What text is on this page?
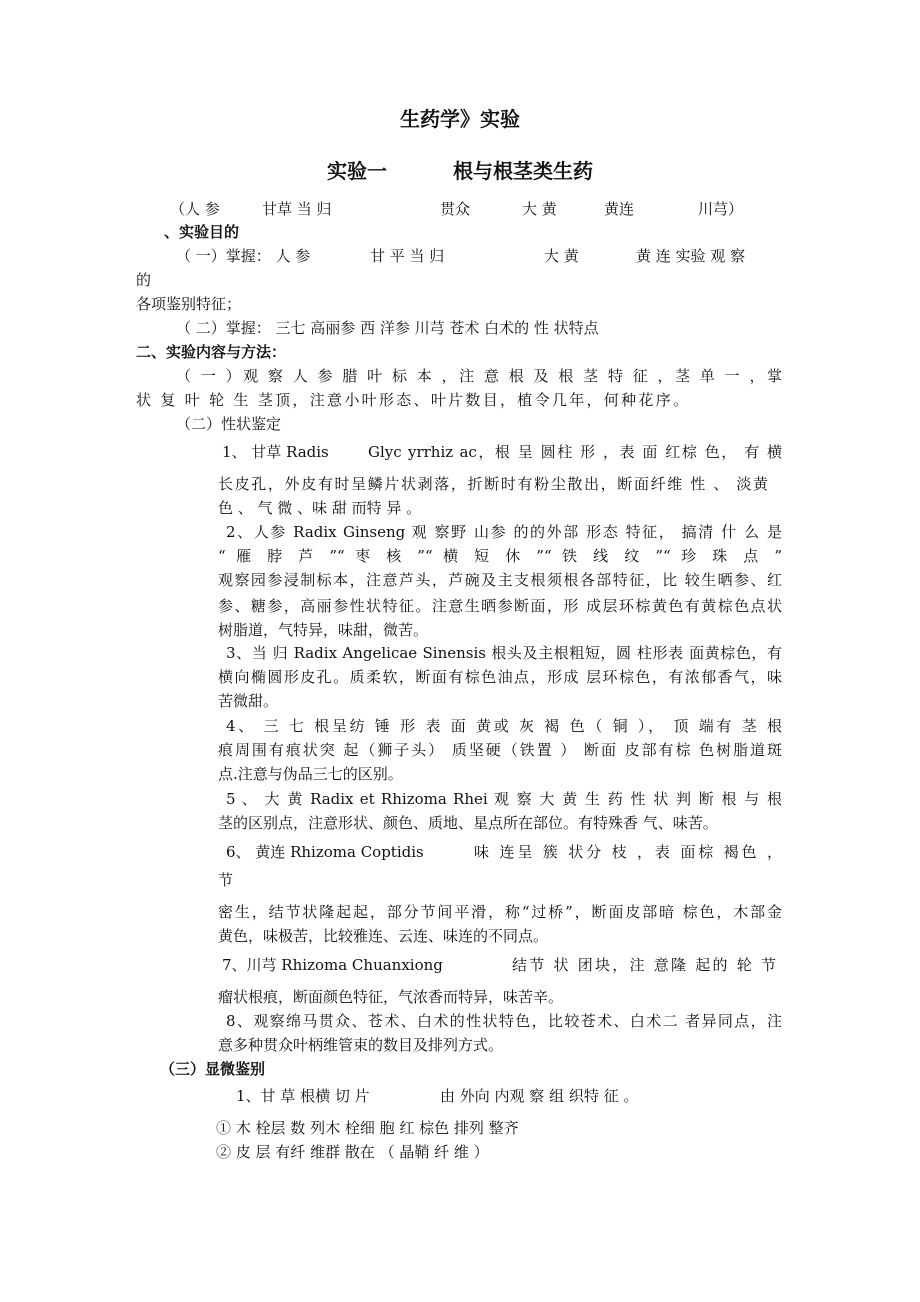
生药学》实验
实验一	根与根茎类生药
（人 参	甘草 当 归	贯众	大 黄	黄连	川芎）
、实验目的
（ 一）掌握： 人 参	甘 平 当 归	大 黄	黄 连 实验 观 察
的
各项鉴别特征；
（ 二）掌握： 三七 高丽参 西 洋参 川芎 苍术 白术的 性 状特点
二、实验内容与方法：
（ 一 ）观 察 人 参 腊 叶 标 本 ，注 意 根 及 根 茎 特 征 ，茎 单 一 ，掌
状 复 叶 轮 生 茎顶，注意小叶形态、叶片数目，植令几年，何种花序。
（二）性状鉴定
1、 甘草 Radis	Glyc yrrhiz ac，根 呈 圆柱 形 ，表 面 红棕 色， 有 横
长皮孔，外皮有时呈鳞片状剥落，折断时有粉尘散出，断面纤维 性 、 淡黄
色 、 气 微 、味 甜 而特 异 。
2、人参 Radix Ginseng 观 察野 山参 的的外部 形态 特征， 搞清 什 么 是
“ 雁 脖 芦 ”“ 枣 核 ”“ 横 短 休 ”“ 铁 线 纹 ”“ 珍 珠 点 ”
观察园参浸制标本，注意芦头，芦碗及主支根须根各部特征，比 较生晒参、红
参、糖参，高丽参性状特征。注意生晒参断面，形 成层环棕黄色有黄棕色点状
树脂道，气特异，味甜，微苦。
3、当 归 Radix Angelicae Sinensis 根头及主根粗短，圆 柱形表 面黄棕色，有
横向椭圆形皮孔。质柔软，断面有棕色油点，形成 层环棕色，有浓郁香气，味
苦微甜。
4、 三 七 根呈纺 锤 形 表 面 黄或 灰 褐 色（ 铜 ）， 顶 端有 茎 根
痕周围有痕状突 起（狮子头） 质坚硬（铁置 ） 断面 皮部有棕 色树脂道斑
点.注意与伪品三七的区别。
5 、 大 黄 Radix et Rhizoma Rhei 观 察 大 黄 生 药 性 状 判 断 根 与 根
茎的区别点，注意形状、颜色、质地、星点所在部位。有特殊香 气、味苦。
6、 黄连 Rhizoma Coptidis	味 连呈 簇 状分 枝 ，表 面棕 褐色 ，
节
密生，结节状隆起起，部分节间平滑，称“过桥”，断面皮部暗 棕色，木部金
黄色，味极苦，比较雅连、云连、味连的不同点。
7、川芎 Rhizoma Chuanxiong	结节 状 团块，注 意隆 起的 轮 节
瘤状根痕，断面颜色特征，气浓香而特异，味苦辛。
8、观察绵马贯众、苍术、白术的性状特色，比较苍术、白术二 者异同点，注
意多种贯众叶柄维管束的数目及排列方式。
（三）显微鉴别
1、甘 草 根横 切 片	由 外向 内观 察 组 织特 征 。
① 木 栓层 数 列木 栓细 胞 红 棕色 排列 整齐
② 皮 层 有纤 维群 散在 （ 晶鞘 纤 维 ）
